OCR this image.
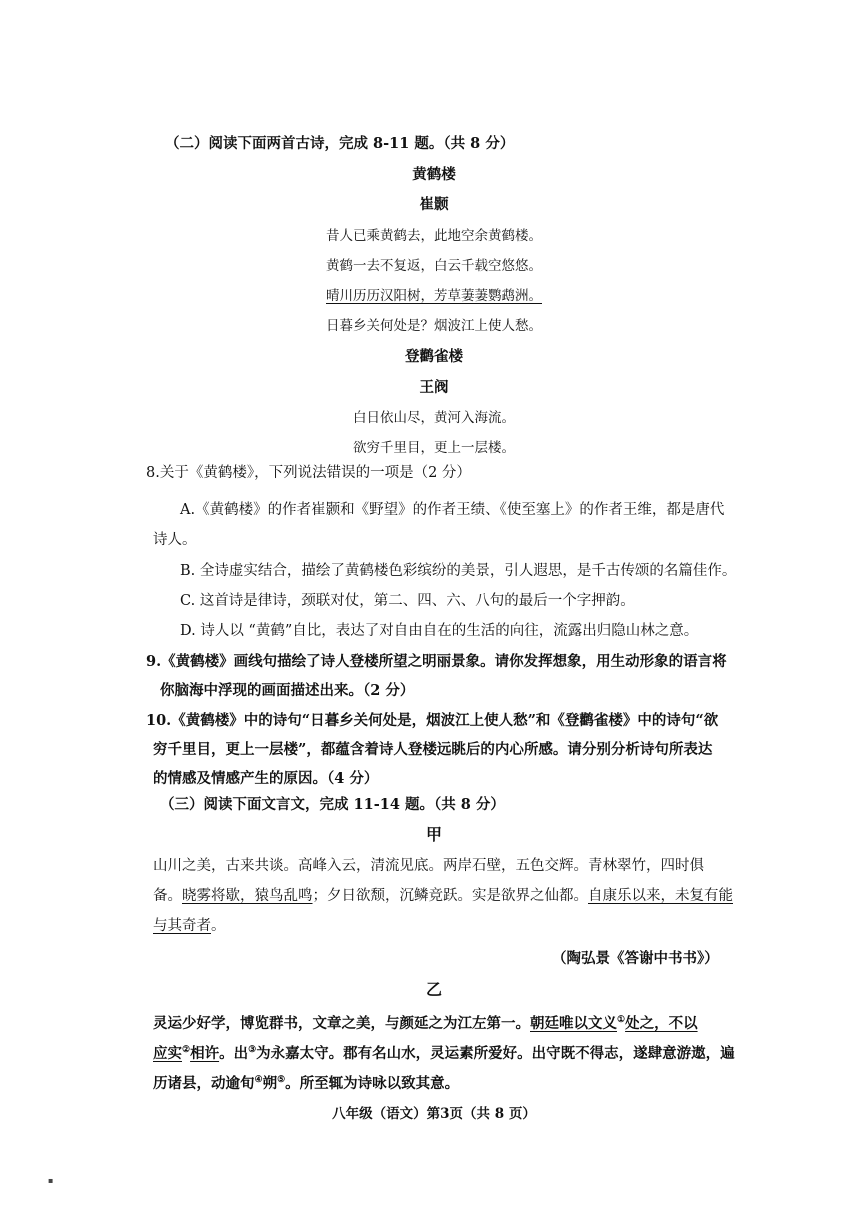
（二）阅读下面两首古诗，完成 8-11 题。（共 8 分）
黄鹤楼
崔颢
昔人已乘黄鹤去，此地空余黄鹤楼。
黄鹤一去不复返，白云千载空悠悠。
晴川历历汉阳树，芳草萋萋鹦鹉洲。
日暮乡关何处是？烟波江上使人愁。
登鹳雀楼
王阀
白日依山尽，黄河入海流。
欲穷千里目，更上一层楼。
8.关于《黄鹤楼》，下列说法错误的一项是（2 分）
A.《黄鹤楼》的作者崔颢和《野望》的作者王绩、《使至塞上》的作者王维，都是唐代
诗人。
B. 全诗虚实结合，描绘了黄鹤楼色彩缤纷的美景，引人遐思，是千古传颂的名篇佳作。
C. 这首诗是律诗，颈联对仗，第二、四、六、八句的最后一个字押韵。
D. 诗人以 “黄鹤”自比，表达了对自由自在的生活的向往，流露出归隐山林之意。
9.《黄鹤楼》画线句描绘了诗人登楼所望之明丽景象。请你发挥想象，用生动形象的语言将
你脑海中浮现的画面描述出来。（2 分）
10.《黄鹤楼》中的诗句“日暮乡关何处是，烟波江上使人愁”和《登鹳雀楼》中的诗句“欲
穷千里目，更上一层楼”，都蕴含着诗人登楼远眺后的内心所感。请分别分析诗句所表达
的情感及情感产生的原因。（4 分）
（三）阅读下面文言文，完成 11-14 题。（共 8 分）
甲
山川之美，古来共谈。高峰入云，清流见底。两岸石壁，五色交辉。青林翠竹，四时俱
备。晓雾将歇，猿鸟乱鸣；夕日欲颓，沉鳞竞跃。实是欲界之仙都。自康乐以来，未复有能
与其奇者。
（陶弘景《答谢中书书》）
乙
灵运少好学，博览群书，文章之美，与颜延之为江左第一。朝廷唯以文义①处之，不以
应实②相许。出③为永嘉太守。郡有名山水，灵运素所爱好。出守既不得志，遂肆意游遨，遍
历诸县，动逾旬④朔⑤。所至辄为诗咏以致其意。
八年级（语文）第3页（共 8 页）
▪
